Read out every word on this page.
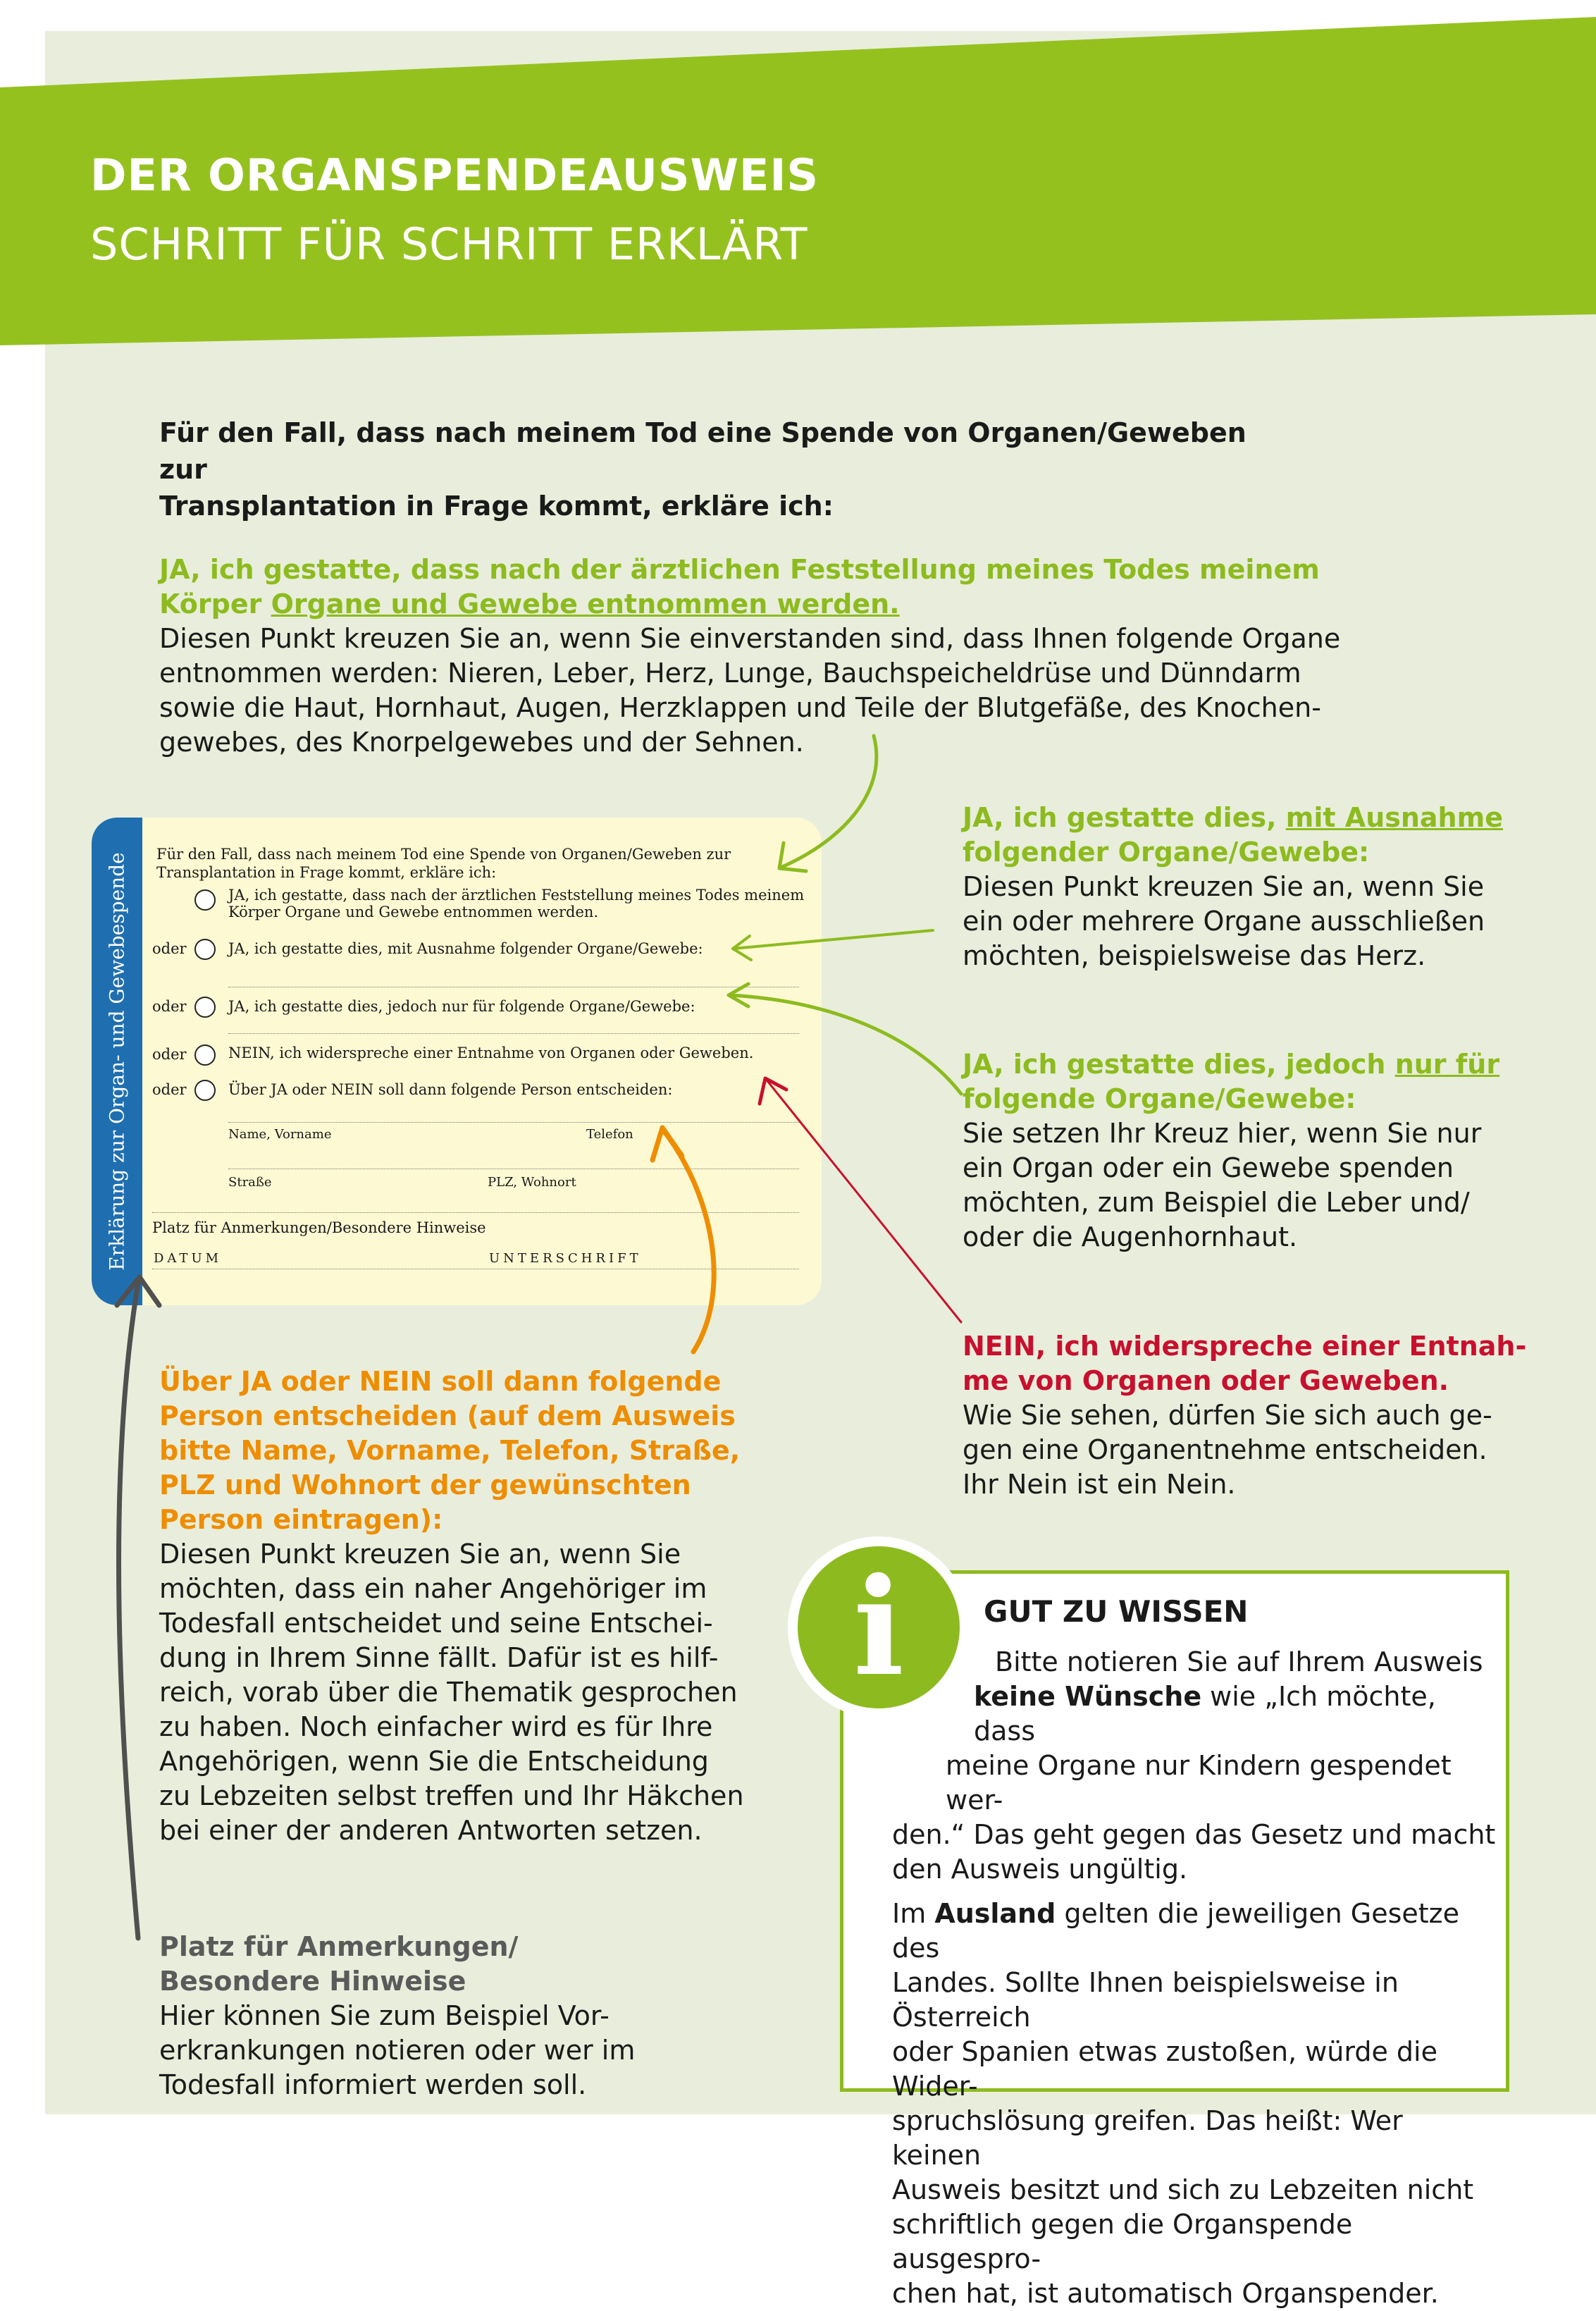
DER ORGANSPENDEAUSWEIS
SCHRITT FÜR SCHRITT ERKLÄRT
Für den Fall, dass nach meinem Tod eine Spende von Organen/Geweben zur
Transplantation in Frage kommt, erkläre ich:
JA, ich gestatte, dass nach der ärztlichen Feststellung meines Todes meinem
Körper Organe und Gewebe entnommen werden.
Diesen Punkt kreuzen Sie an, wenn Sie einverstanden sind, dass Ihnen folgende Organe
entnommen werden: Nieren, Leber, Herz, Lunge, Bauchspeicheldrüse und Dünndarm
sowie die Haut, Hornhaut, Augen, Herzklappen und Teile der Blutgefäße, des Knochen-
gewebes, des Knorpelgewebes und der Sehnen.
JA, ich gestatte dies, mit Ausnahme
folgender Organe/Gewebe:
Diesen Punkt kreuzen Sie an, wenn Sie
ein oder mehrere Organe ausschließen
möchten, beispielsweise das Herz.
JA, ich gestatte dies, jedoch nur für
folgende Organe/Gewebe:
Sie setzen Ihr Kreuz hier, wenn Sie nur
ein Organ oder ein Gewebe spenden
möchten, zum Beispiel die Leber und/
oder die Augenhornhaut.
NEIN, ich widerspreche einer Entnah-
me von Organen oder Geweben.
Wie Sie sehen, dürfen Sie sich auch ge-
gen eine Organentnehme entscheiden.
Ihr Nein ist ein Nein.
Über JA oder NEIN soll dann folgende
Person entscheiden (auf dem Ausweis
bitte Name, Vorname, Telefon, Straße,
PLZ und Wohnort der gewünschten
Person eintragen):
Diesen Punkt kreuzen Sie an, wenn Sie
möchten, dass ein naher Angehöriger im
Todesfall entscheidet und seine Entschei-
dung in Ihrem Sinne fällt. Dafür ist es hilf-
reich, vorab über die Thematik gesprochen
zu haben. Noch einfacher wird es für Ihre
Angehörigen, wenn Sie die Entscheidung
zu Lebzeiten selbst treffen und Ihr Häkchen
bei einer der anderen Antworten setzen.
Platz für Anmerkungen/
Besondere Hinweise
Hier können Sie zum Beispiel Vor-
erkrankungen notieren oder wer im
Todesfall informiert werden soll.
Erklärung zur Organ- und Gewebespende Für den Fall, dass nach meinem Tod eine Spende von Organen/Geweben zur
Transplantation in Frage kommt, erkläre ich:
JA, ich gestatte, dass nach der ärztlichen Feststellung meines Todes meinem
Körper Organe und Gewebe entnommen werden.
oder	JA, ich gestatte dies, mit Ausnahme folgender Organe/Gewebe:
oder	JA, ich gestatte dies, jedoch nur für folgende Organe/Gewebe:
oder	NEIN, ich widerspreche einer Entnahme von Organen oder Geweben.
oder	Über JA oder NEIN soll dann folgende Person entscheiden:
Name, Vorname	Telefon
Straße	PLZ, Wohnort
Platz für Anmerkungen/Besondere Hinweise
DATUM	UNTERSCHRIFT
i	GUT ZU WISSEN
Bitte notieren Sie auf Ihrem Ausweis
keine Wünsche wie „Ich möchte, dass
meine Organe nur Kindern gespendet wer-
den.“ Das geht gegen das Gesetz und macht
den Ausweis ungültig.
Im Ausland gelten die jeweiligen Gesetze des
Landes. Sollte Ihnen beispielsweise in Österreich
oder Spanien etwas zustoßen, würde die Wider-
spruchslösung greifen. Das heißt: Wer keinen
Ausweis besitzt und sich zu Lebzeiten nicht
schriftlich gegen die Organspende ausgespro-
chen hat, ist automatisch Organspender.
